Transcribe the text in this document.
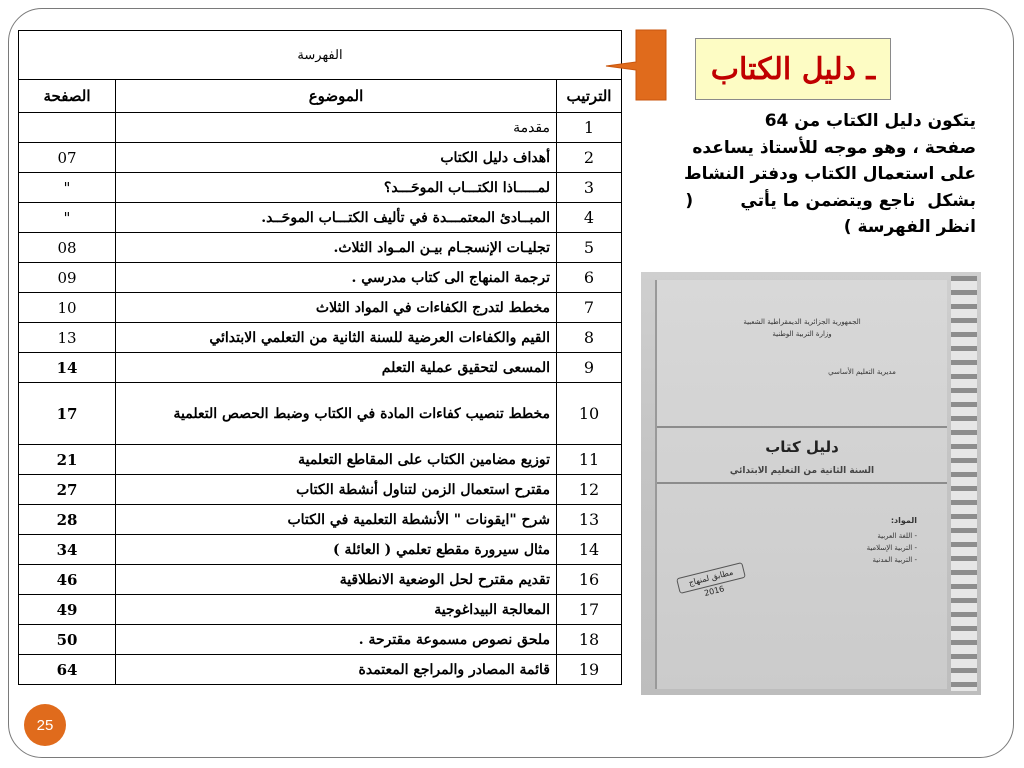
الفهرسة		
الترتيب	الموضوع	الصفحة
1	مقدمة	
2	أهداف دليل الكتاب	07
3	لمـــــاذا الكتـــاب الموحَـــد؟	"
4	المبــادئ المعتمـــدة في تأليف الكتـــاب الموحَــد.	"
5	تجليـات الإنسجـام بيـن المـواد الثلاث.	08
6	ترجمة المنهاج الى كتاب مدرسي .	09
7	مخطط لتدرج الكفاءات في المواد الثلاث	10
8	القيم والكفاءات العرضية للسنة الثانية من التعلمي الابتدائي	13
9	المسعى لتحقيق عملية التعلم	14
10	مخطط تنصيب كفاءات المادة في الكتاب وضبط الحصص التعلمية	17
11	توزيع مضامين الكتاب على المقاطع التعلمية	21
12	مقترح استعمال الزمن لتناول أنشطة الكتاب	27
13	شرح "ايقونات " الأنشطة التعلمية في الكتاب	28
14	مثال سيرورة مقطع تعلمي ( العائلة )	34
16	تقديم مقترح لحل الوضعية الانطلاقية	46
17	المعالجة البيداغوجية	49
18	ملحق نصوص مسموعة مقترحة .	50
19	قائمة المصادر والمراجع المعتمدة	64
ـ دليل الكتاب
يتكون دليل الكتاب من 64
صفحة ، وهو موجه للأستاذ يساعده
على استعمال الكتاب ودفتر النشاط
بشكل  ناجع ويتضمن ما يأتي        (
انظر الفهرسة )
الجمهورية الجزائرية الديمقراطية الشعبية
وزارة التربية الوطنية
مديرية التعليم الأساسي
دليل كتاب
السنة الثانية من التعليم الابتدائي
المواد:
- اللغة العربية
- التربية الإسلامية
- التربية المدنية
مطابق لمنهاج 2016
25
